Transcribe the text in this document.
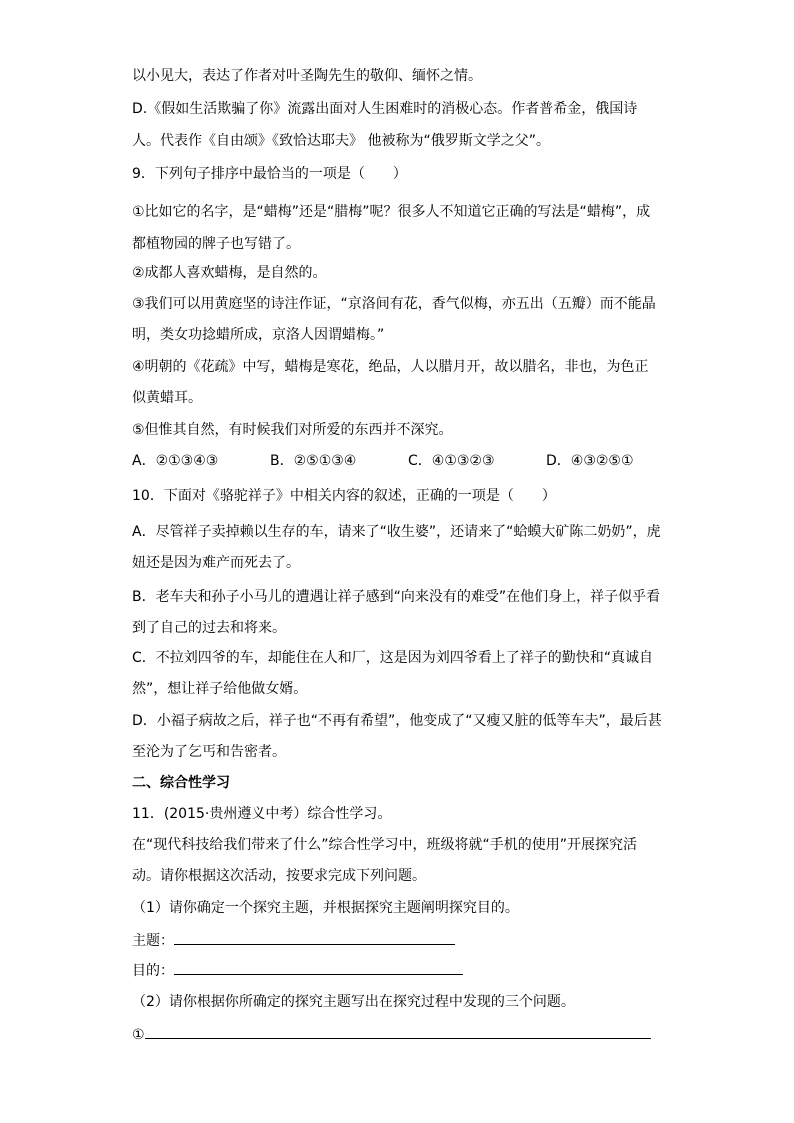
以小见大，表达了作者对叶圣陶先生的敬仰、缅怀之情。
D.《假如生活欺骗了你》流露出面对人生困难时的消极心态。作者普希金，俄国诗
人。代表作《自由颂》《致恰达耶夫》 他被称为“俄罗斯文学之父”。
9．下列句子排序中最恰当的一项是（　　）
①比如它的名字，是“蜡梅”还是“腊梅”呢？很多人不知道它正确的写法是“蜡梅”，成
都植物园的牌子也写错了。
②成都人喜欢蜡梅，是自然的。
③我们可以用黄庭坚的诗注作证，“京洛间有花，香气似梅，亦五出（五瓣）而不能晶
明，类女功捻蜡所成，京洛人因谓蜡梅。”
④明朝的《花疏》中写，蜡梅是寒花，绝品，人以腊月开，故以腊名，非也，为色正
似黄蜡耳。
⑤但惟其自然，有时候我们对所爱的东西并不深究。
A．②①③④③	B．②⑤①③④	C．④①③②③	D．④③②⑤①
10．下面对《骆驼祥子》中相关内容的叙述，正确的一项是（　　）
A．尽管祥子卖掉赖以生存的车，请来了“收生婆”，还请来了“蛤蟆大矿陈二奶奶”，虎
妞还是因为难产而死去了。
B．老车夫和孙子小马儿的遭遇让祥子感到“向来没有的难受”在他们身上，祥子似乎看
到了自己的过去和将来。
C．不拉刘四爷的车，却能住在人和厂，这是因为刘四爷看上了祥子的勤快和“真诚自
然”，想让祥子给他做女婿。
D．小福子病故之后，祥子也“不再有希望”，他变成了“又瘦又脏的低等车夫”，最后甚
至沦为了乞丐和告密者。
二、综合性学习
11．(2015·贵州遵义中考）综合性学习。
在“现代科技给我们带来了什么”综合性学习中，班级将就“手机的使用”开展探究活
动。请你根据这次活动，按要求完成下列问题。
（1）请你确定一个探究主题，并根据探究主题阐明探究目的。
主题：
目的：
（2）请你根据你所确定的探究主题写出在探究过程中发现的三个问题。
①
